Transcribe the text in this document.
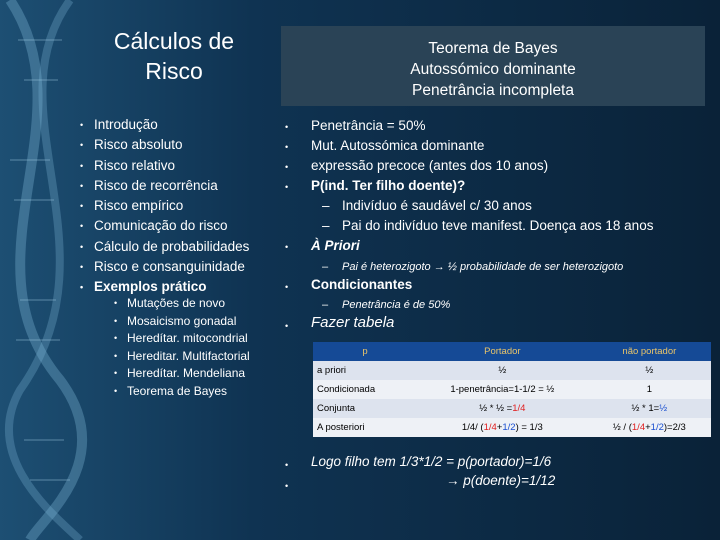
Cálculos de
Risco
Teorema de Bayes
Autossómico dominante
Penetrância incompleta
• Introdução
• Risco absoluto
• Risco relativo
• Risco de recorrência
• Risco empírico
• Comunicação do risco
• Cálculo de probabilidades
• Risco e consanguinidade
• Exemplos prático
• Mutações de novo
• Mosaicismo gonadal
• Heredítar. mitocondrial
• Hereditar. Multifactorial
• Heredítar. Mendeliana
• Teorema de Bayes
• Penetrância = 50%
• Mut. Autossómica dominante
• expressão precoce (antes dos 10 anos)
• P(ind. Ter filho doente)?
– Indivíduo é saudável c/ 30 anos
– Pai do indivíduo teve manifest. Doença aos 18 anos
• À Priori
– Pai é heterozigoto → ½ probabilidade de ser heterozigoto
• Condicionantes
– Penetrância é de 50%
• Fazer tabela
• Logo filho tem 1/3*1/2 = p(portador)=1/6
•	→ p(doente)=1/12
p	Portador	não portador
a priori	½	½
Condicionada	1-penetrância=1-1/2 = ½	1
Conjunta	½ * ½ =1/4	½ * 1=½
A posteriori	1/4/ (1/4+1/2) = 1/3	½ / (1/4+1/2)=2/3
